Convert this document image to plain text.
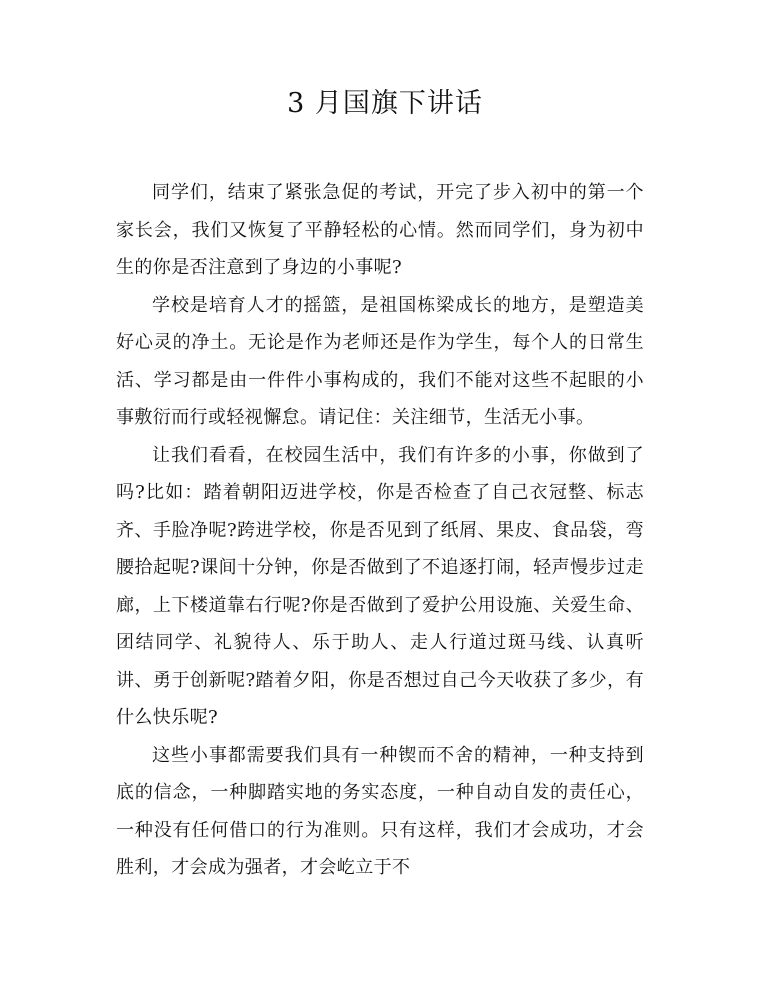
3 月国旗下讲话

同学们，结束了紧张急促的考试，开完了步入初中的第一个家长会，我们又恢复了平静轻松的心情。然而同学们，身为初中生的你是否注意到了身边的小事呢?

学校是培育人才的摇篮，是祖国栋梁成长的地方，是塑造美好心灵的净土。无论是作为老师还是作为学生，每个人的日常生活、学习都是由一件件小事构成的，我们不能对这些不起眼的小事敷衍而行或轻视懈怠。请记住：关注细节，生活无小事。

让我们看看，在校园生活中，我们有许多的小事，你做到了吗?比如：踏着朝阳迈进学校，你是否检查了自己衣冠整、标志齐、手脸净呢?跨进学校，你是否见到了纸屑、果皮、食品袋，弯腰拾起呢?课间十分钟，你是否做到了不追逐打闹，轻声慢步过走廊，上下楼道靠右行呢?你是否做到了爱护公用设施、关爱生命、团结同学、礼貌待人、乐于助人、走人行道过斑马线、认真听讲、勇于创新呢?踏着夕阳，你是否想过自己今天收获了多少，有什么快乐呢?

这些小事都需要我们具有一种锲而不舍的精神，一种支持到底的信念，一种脚踏实地的务实态度，一种自动自发的责任心，一种没有任何借口的行为准则。只有这样，我们才会成功，才会胜利，才会成为强者，才会屹立于不
